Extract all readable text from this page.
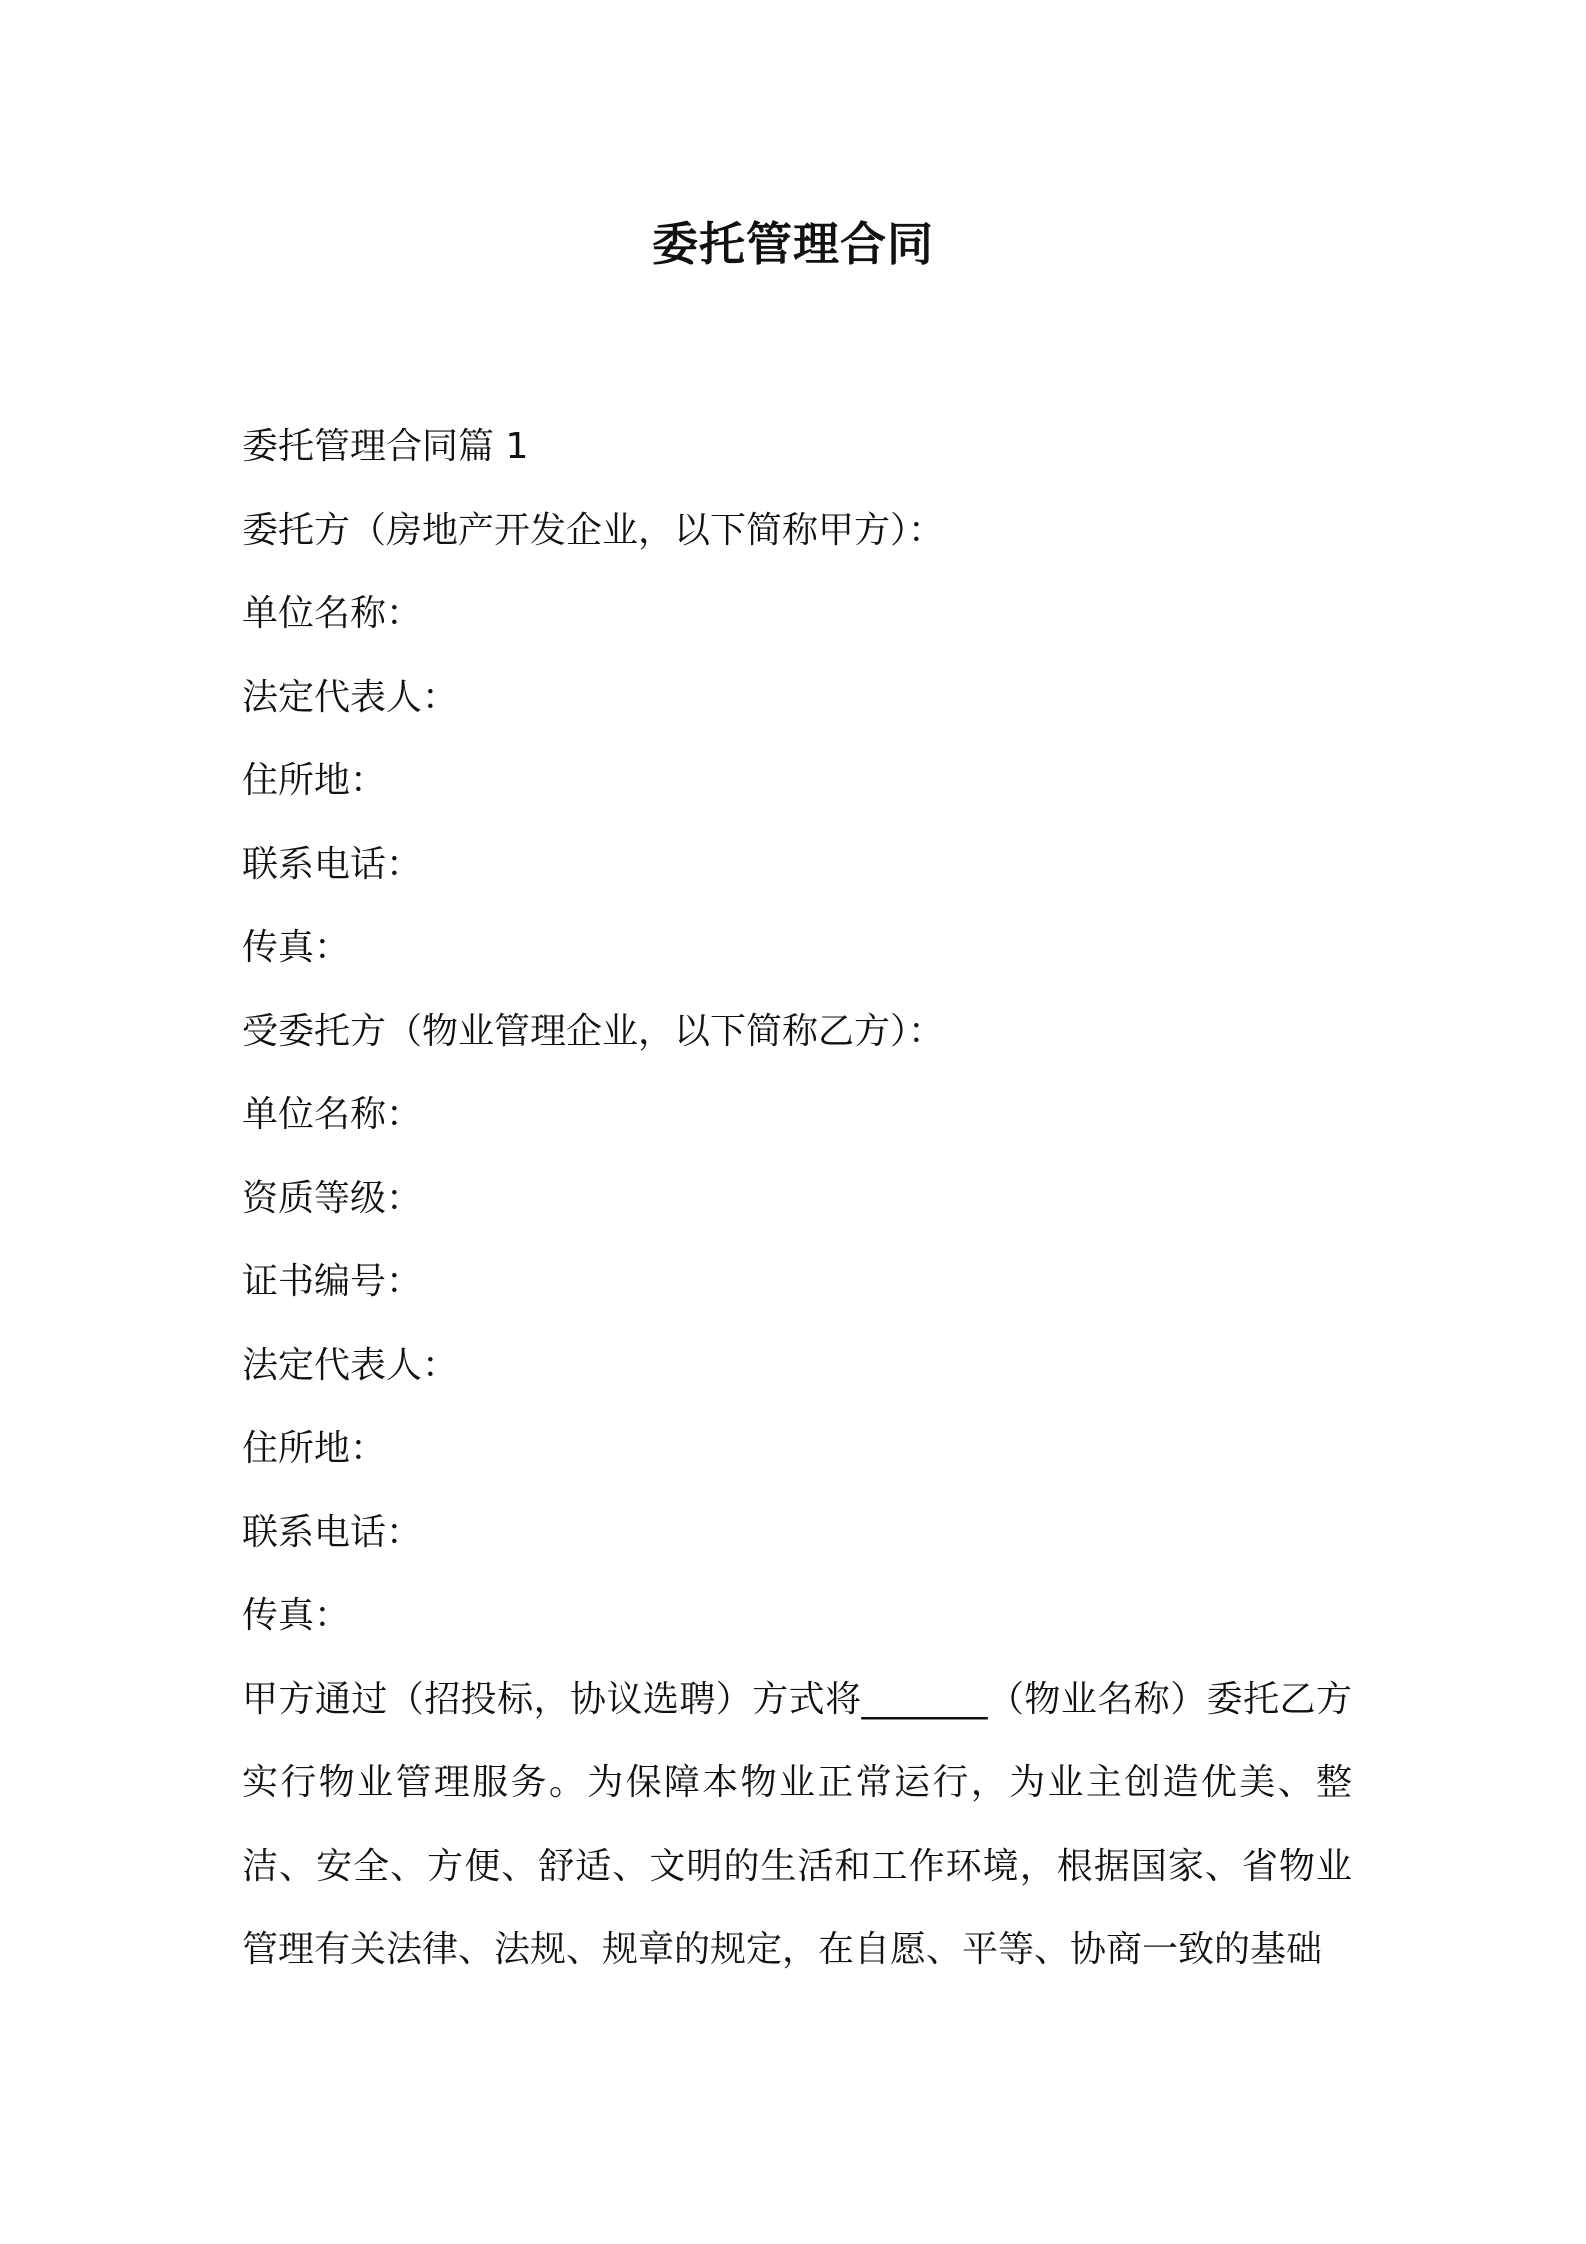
委托管理合同
委托管理合同篇 1
委托方（房地产开发企业，以下简称甲方）：
单位名称：
法定代表人：
住所地：
联系电话：
传真：
受委托方（物业管理企业，以下简称乙方）：
单位名称：
资质等级：
证书编号：
法定代表人：
住所地：
联系电话：
传真：
甲方通过（招投标，协议选聘）方式将_______（物业名称）委托乙方实行物业管理服务。为保障本物业正常运行，为业主创造优美、整洁、安全、方便、舒适、文明的生活和工作环境，根据国家、省物业管理有关法律、法规、规章的规定，在自愿、平等、协商一致的基础
